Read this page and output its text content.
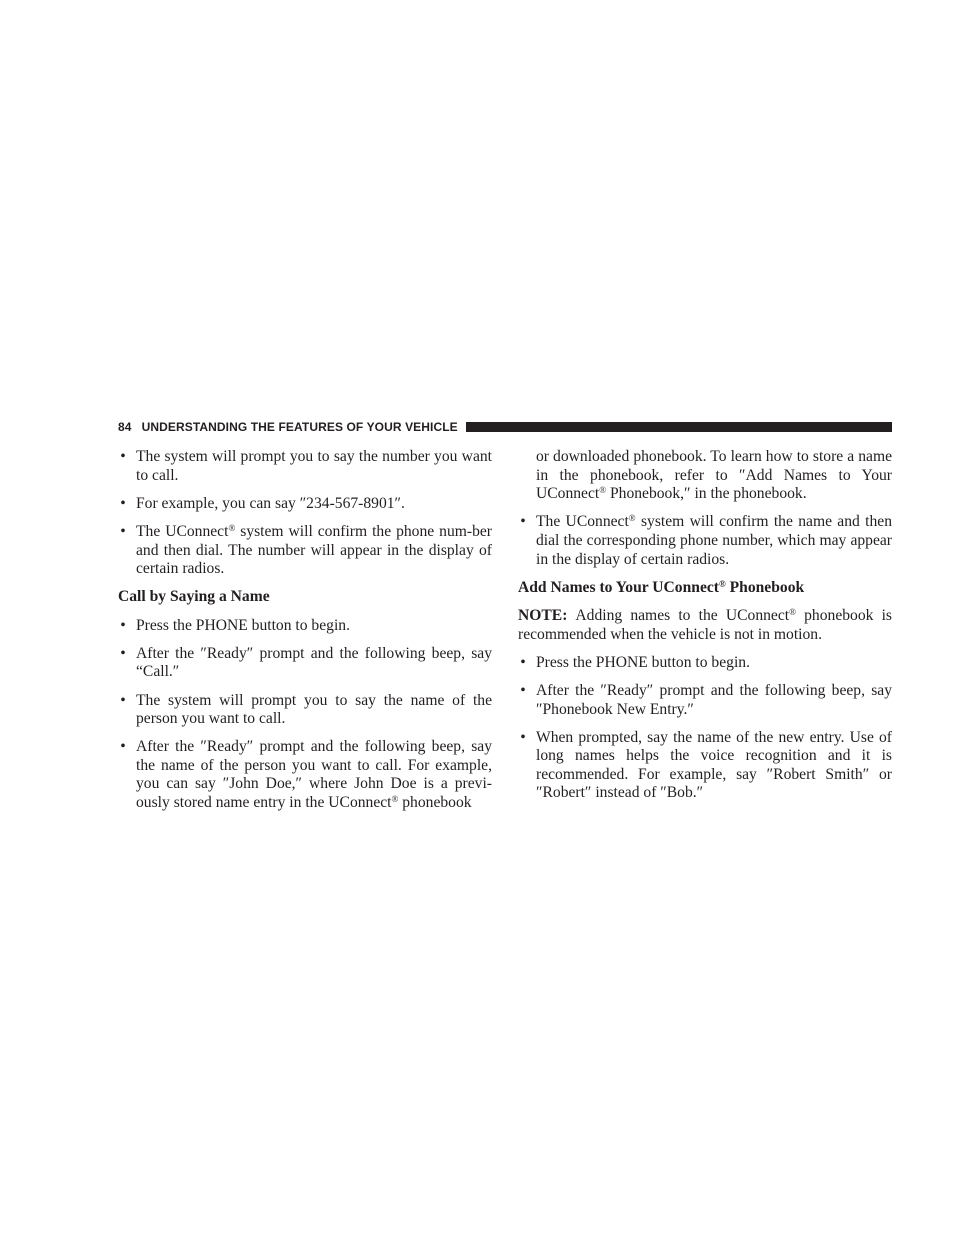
84 UNDERSTANDING THE FEATURES OF YOUR VEHICLE
• The system will prompt you to say the number you want to call.
• For example, you can say ″234-567-8901″.
• The UConnect® system will confirm the phone num-ber and then dial. The number will appear in the display of certain radios.
Call by Saying a Name
• Press the PHONE button to begin.
• After the ″Ready″ prompt and the following beep, say “Call.″
• The system will prompt you to say the name of the person you want to call.
• After the ″Ready″ prompt and the following beep, say the name of the person you want to call. For example, you can say ″John Doe,″ where John Doe is a previ-ously stored name entry in the UConnect® phonebook
or downloaded phonebook. To learn how to store a name in the phonebook, refer to ″Add Names to Your UConnect® Phonebook,″ in the phonebook.
• The UConnect® system will confirm the name and then dial the corresponding phone number, which may appear in the display of certain radios.
Add Names to Your UConnect® Phonebook
NOTE: Adding names to the UConnect® phonebook is recommended when the vehicle is not in motion.
• Press the PHONE button to begin.
• After the ″Ready″ prompt and the following beep, say ″Phonebook New Entry.″
• When prompted, say the name of the new entry. Use of long names helps the voice recognition and it is recommended. For example, say ″Robert Smith″ or ″Robert″ instead of ″Bob.″
